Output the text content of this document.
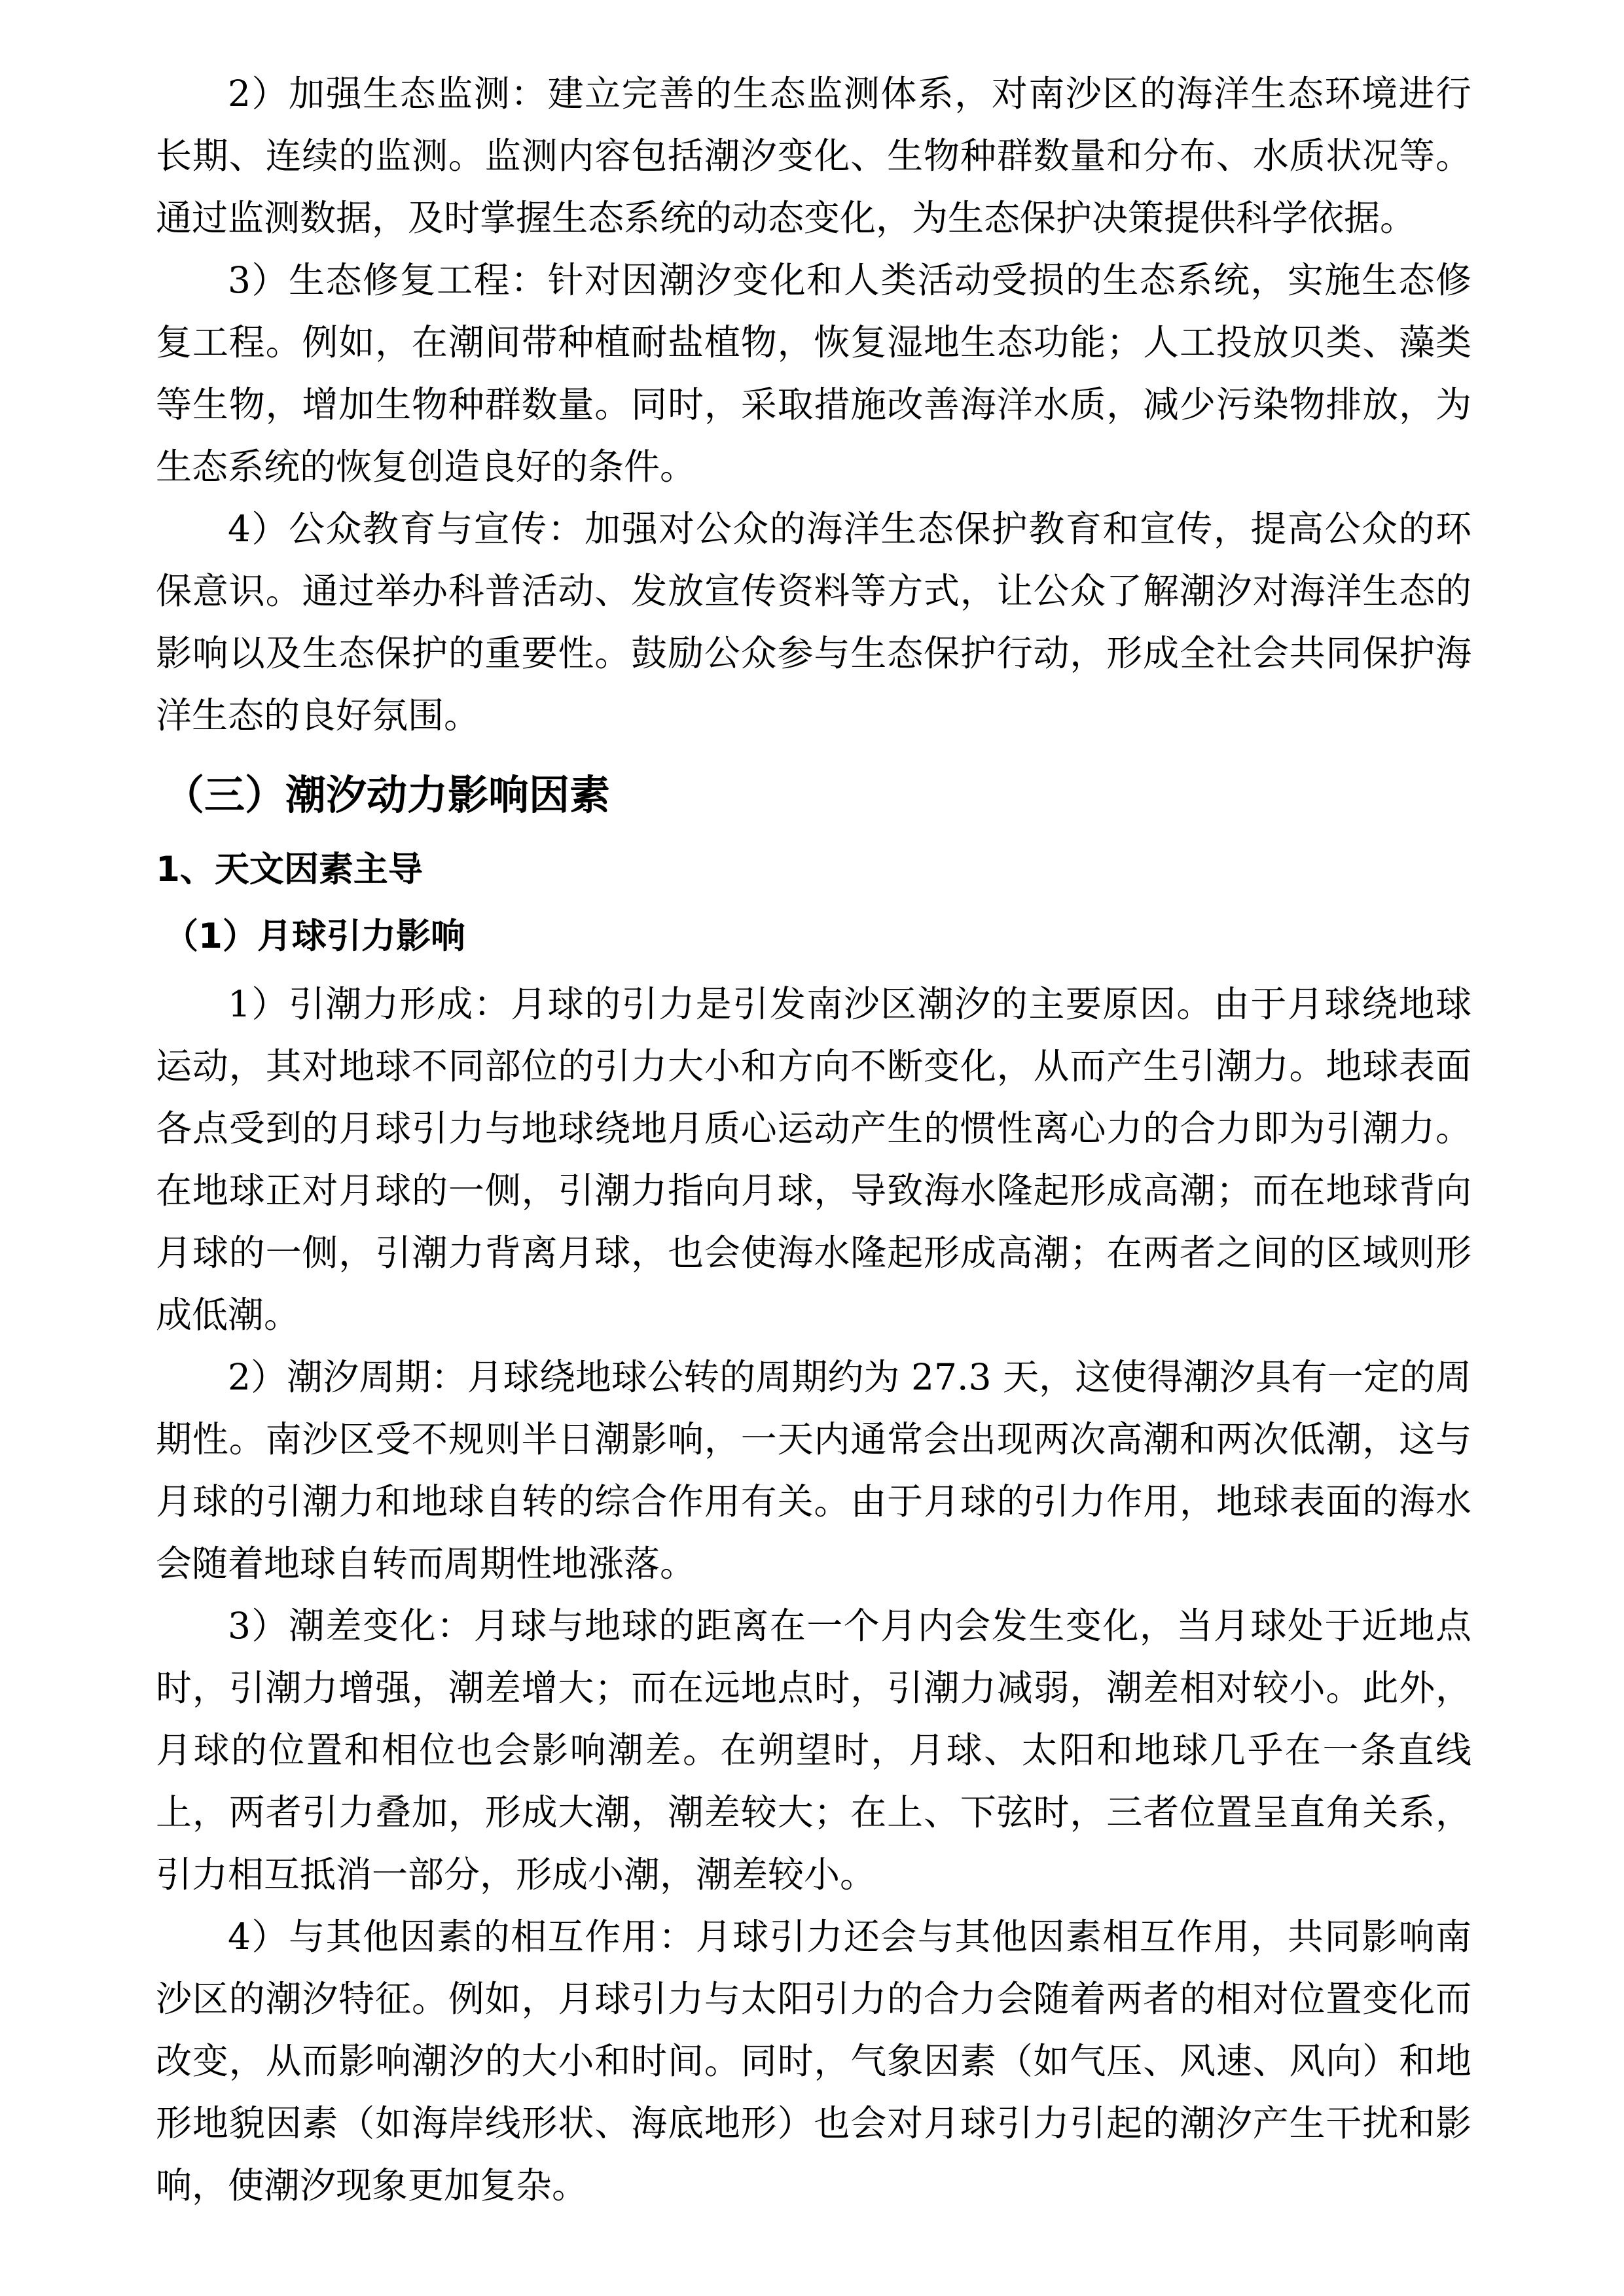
2）加强生态监测：建立完善的生态监测体系，对南沙区的海洋生态环境进行长期、连续的监测。监测内容包括潮汐变化、生物种群数量和分布、水质状况等。通过监测数据，及时掌握生态系统的动态变化，为生态保护决策提供科学依据。

3）生态修复工程：针对因潮汐变化和人类活动受损的生态系统，实施生态修复工程。例如，在潮间带种植耐盐植物，恢复湿地生态功能；人工投放贝类、藻类等生物，增加生物种群数量。同时，采取措施改善海洋水质，减少污染物排放，为生态系统的恢复创造良好的条件。

4）公众教育与宣传：加强对公众的海洋生态保护教育和宣传，提高公众的环保意识。通过举办科普活动、发放宣传资料等方式，让公众了解潮汐对海洋生态的影响以及生态保护的重要性。鼓励公众参与生态保护行动，形成全社会共同保护海洋生态的良好氛围。

（三）潮汐动力影响因素
1、天文因素主导
（1）月球引力影响

1）引潮力形成：月球的引力是引发南沙区潮汐的主要原因。由于月球绕地球运动，其对地球不同部位的引力大小和方向不断变化，从而产生引潮力。地球表面各点受到的月球引力与地球绕地月质心运动产生的惯性离心力的合力即为引潮力。在地球正对月球的一侧，引潮力指向月球，导致海水隆起形成高潮；而在地球背向月球的一侧，引潮力背离月球，也会使海水隆起形成高潮；在两者之间的区域则形成低潮。

2）潮汐周期：月球绕地球公转的周期约为 27.3 天，这使得潮汐具有一定的周期性。南沙区受不规则半日潮影响，一天内通常会出现两次高潮和两次低潮，这与月球的引潮力和地球自转的综合作用有关。由于月球的引力作用，地球表面的海水会随着地球自转而周期性地涨落。

3）潮差变化：月球与地球的距离在一个月内会发生变化，当月球处于近地点时，引潮力增强，潮差增大；而在远地点时，引潮力减弱，潮差相对较小。此外，月球的位置和相位也会影响潮差。在朔望时，月球、太阳和地球几乎在一条直线上，两者引力叠加，形成大潮，潮差较大；在上、下弦时，三者位置呈直角关系，引力相互抵消一部分，形成小潮，潮差较小。

4）与其他因素的相互作用：月球引力还会与其他因素相互作用，共同影响南沙区的潮汐特征。例如，月球引力与太阳引力的合力会随着两者的相对位置变化而改变，从而影响潮汐的大小和时间。同时，气象因素（如气压、风速、风向）和地形地貌因素（如海岸线形状、海底地形）也会对月球引力引起的潮汐产生干扰和影响，使潮汐现象更加复杂。
